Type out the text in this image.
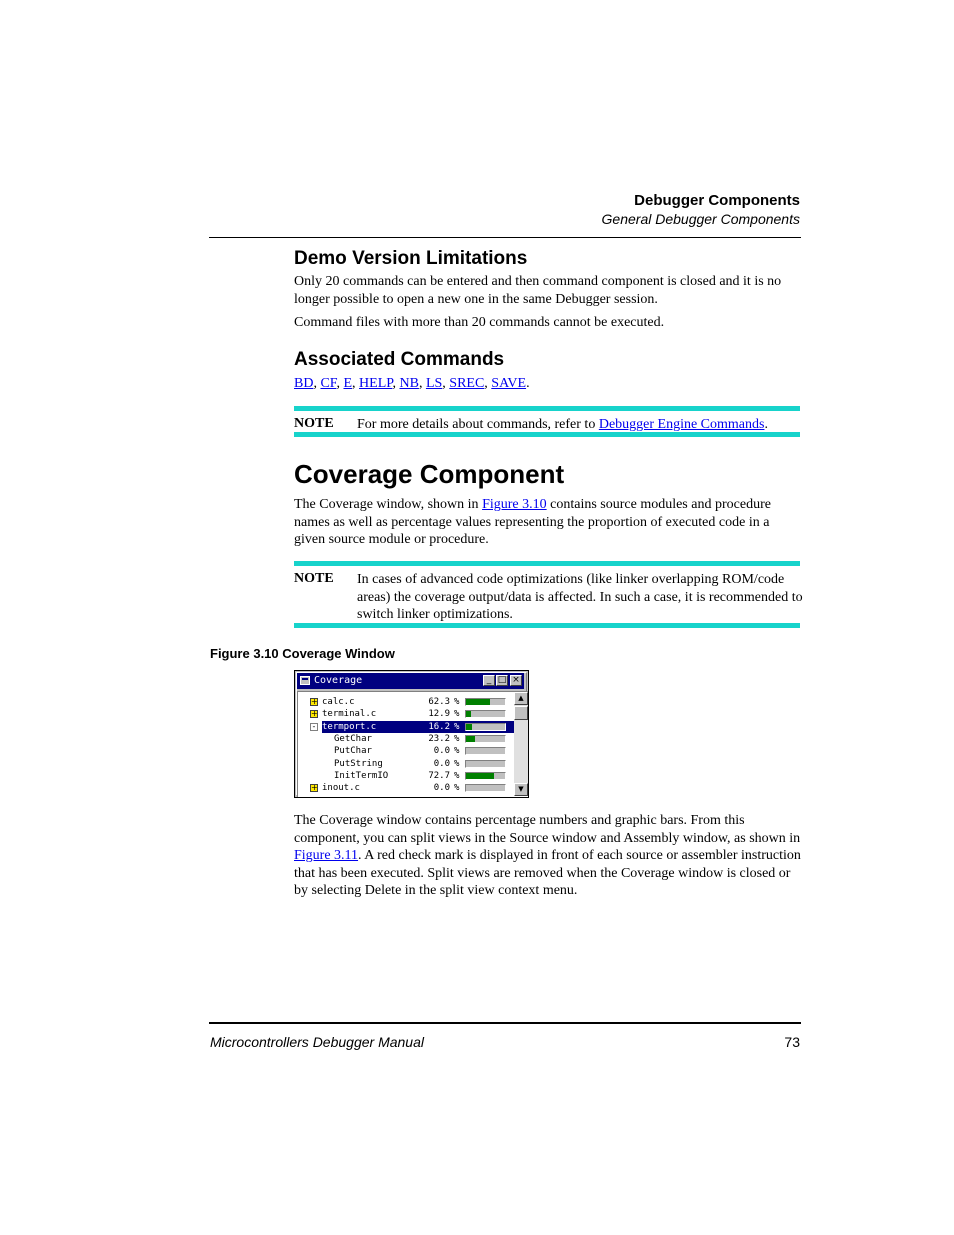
Debugger Components
General Debugger Components
Demo Version Limitations

Only 20 commands can be entered and then command component is closed and it is no longer possible to open a new one in the same Debugger session.

Command files with more than 20 commands cannot be executed.

Associated Commands

BD, CF, E, HELP, NB, LS, SREC, SAVE.

NOTE For more details about commands, refer to Debugger Engine Commands.
Coverage Component

The Coverage window, shown in Figure 3.10 contains source modules and procedure names as well as percentage values representing the proportion of executed code in a given source module or procedure.

NOTE In cases of advanced code optimizations (like linker overlapping ROM/code areas) the coverage output/data is affected. In such a case, it is recommended to switch linker optimizations.
Figure 3.10 Coverage Window
Coverage	_ □ ×
+ calc.c	62.3 %
+ terminal.c	12.9 %
- termport.c	16.2 %
GetChar	23.2 %
PutChar	0.0 %
PutString	0.0 %
InitTermIO	72.7 %
+ inout.c	0.0 %
▲
▼

The Coverage window contains percentage numbers and graphic bars. From this component, you can split views in the Source window and Assembly window, as shown in Figure 3.11. A red check mark is displayed in front of each source or assembler instruction that has been executed. Split views are removed when the Coverage window is closed or by selecting Delete in the split view context menu.

Microcontrollers Debugger Manual	73
